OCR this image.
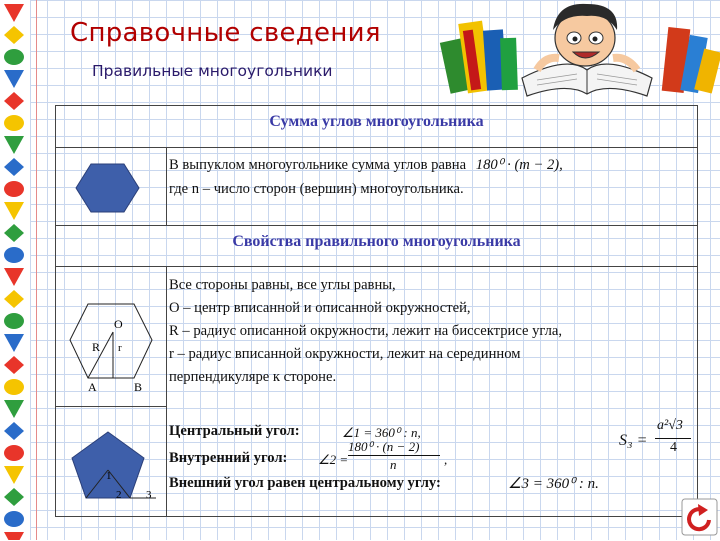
Справочные сведения
Правильные многоугольники
Сумма углов многоугольника
В выпуклом многоугольнике сумма углов равна 180⁰ · (m − 2),
где n – число сторон (вершин) многоугольника.
Свойства правильного многоугольника
O
R r
A	B
Все стороны равны, все углы равны,
О – центр вписанной и описанной окружностей,
R – радиус описанной окружности, лежит на биссектрисе угла,
r – радиус вписанной окружности, лежит на серединном
перпендикуляре к стороне.
1
2 3
Центральный угол:	∠1 = 360⁰ : n,
Внутренний угол: ∠2 =
180⁰ · (n − 2)
n	,
Внешний угол равен центральному углу:	∠3 = 360⁰ : n.
S₃ =
a²√3
4
